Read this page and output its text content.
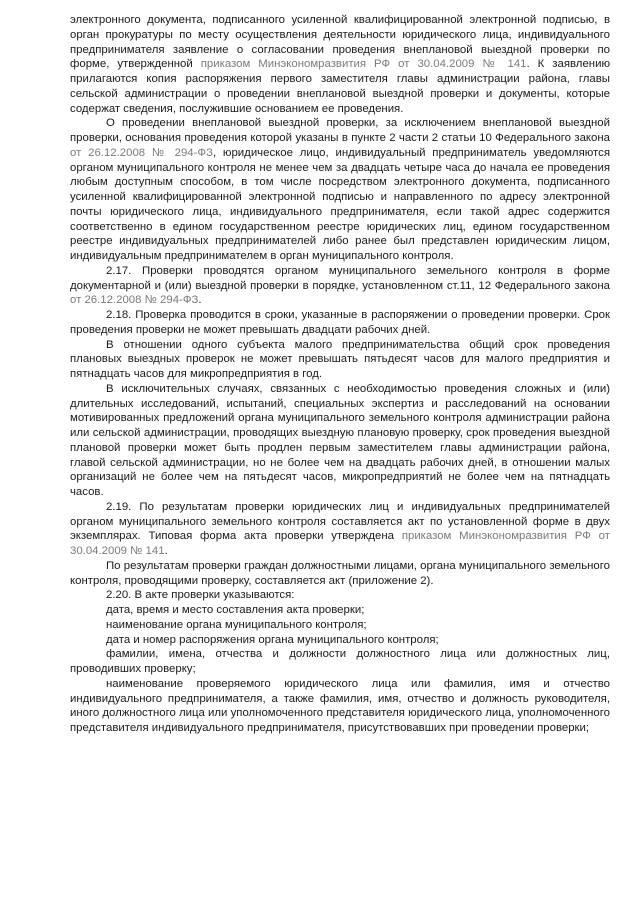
электронного документа, подписанного усиленной квалифицированной электронной подписью, в орган прокуратуры по месту осуществления деятельности юридического лица, индивидуального предпринимателя заявление о согласовании проведения внеплановой выездной проверки по форме, утвержденной приказом Минэкономразвития РФ от 30.04.2009 № 141. К заявлению прилагаются копия распоряжения первого заместителя главы администрации района, главы сельской администрации о проведении внеплановой выездной проверки и документы, которые содержат сведения, послужившие основанием ее проведения.

О проведении внеплановой выездной проверки, за исключением внеплановой выездной проверки, основания проведения которой указаны в пункте 2 части 2 статьи 10 Федерального закона от 26.12.2008 № 294-ФЗ, юридическое лицо, индивидуальный предприниматель уведомляются органом муниципального контроля не менее чем за двадцать четыре часа до начала ее проведения любым доступным способом, в том числе посредством электронного документа, подписанного усиленной квалифицированной электронной подписью и направленного по адресу электронной почты юридического лица, индивидуального предпринимателя, если такой адрес содержится соответственно в едином государственном реестре юридических лиц, едином государственном реестре индивидуальных предпринимателей либо ранее был представлен юридическим лицом, индивидуальным предпринимателем в орган муниципального контроля.

2.17. Проверки проводятся органом муниципального земельного контроля в форме документарной и (или) выездной проверки в порядке, установленном ст.11, 12 Федерального закона от 26.12.2008 № 294-ФЗ.

2.18. Проверка проводится в сроки, указанные в распоряжении о проведении проверки. Срок проведения проверки не может превышать двадцати рабочих дней.

В отношении одного субъекта малого предпринимательства общий срок проведения плановых выездных проверок не может превышать пятьдесят часов для малого предприятия и пятнадцать часов для микропредприятия в год.

В исключительных случаях, связанных с необходимостью проведения сложных и (или) длительных исследований, испытаний, специальных экспертиз и расследований на основании мотивированных предложений органа муниципального земельного контроля администрации района или сельской администрации, проводящих выездную плановую проверку, срок проведения выездной плановой проверки может быть продлен первым заместителем главы администрации района, главой сельской администрации, но не более чем на двадцать рабочих дней, в отношении малых организаций не более чем на пятьдесят часов, микропредприятий не более чем на пятнадцать часов.

2.19. По результатам проверки юридических лиц и индивидуальных предпринимателей органом муниципального земельного контроля составляется акт по установленной форме в двух экземплярах. Типовая форма акта проверки утверждена приказом Минэкономразвития РФ от 30.04.2009 № 141.

По результатам проверки граждан должностными лицами, органа муниципального земельного контроля, проводящими проверку, составляется акт (приложение 2).

2.20. В акте проверки указываются:

дата, время и место составления акта проверки;

наименование органа муниципального контроля;

дата и номер распоряжения органа муниципального контроля;

фамилии, имена, отчества и должности должностного лица или должностных лиц, проводивших проверку;

наименование проверяемого юридического лица или фамилия, имя и отчество индивидуального предпринимателя, а также фамилия, имя, отчество и должность руководителя, иного должностного лица или уполномоченного представителя юридического лица, уполномоченного представителя индивидуального предпринимателя, присутствовавших при проведении проверки;
